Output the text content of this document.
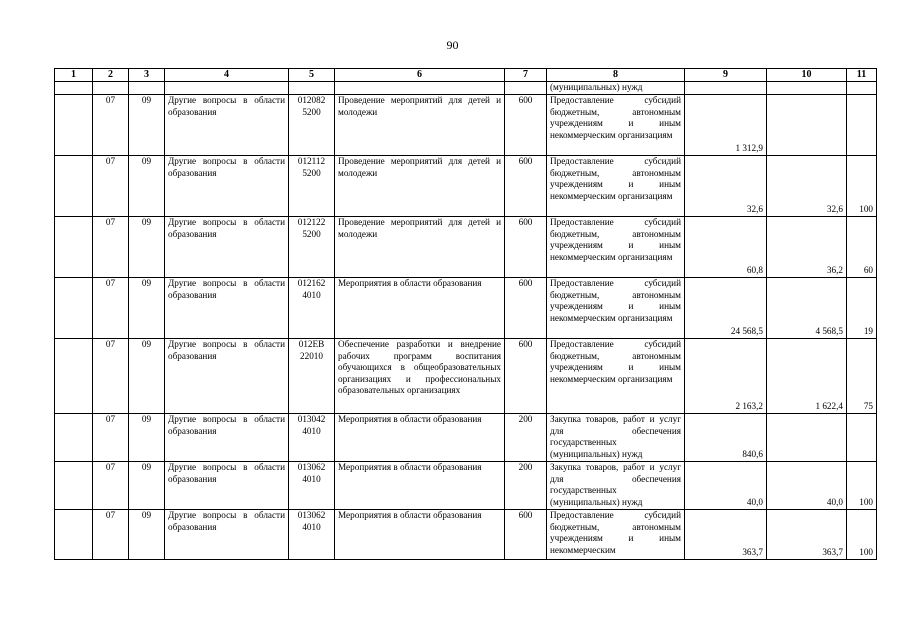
90
1	2	3	4	5	6	7	8	9	10	11
							(муниципальных) нужд			
	07	09	Другие вопросы в области образования	012082 5200	Проведение мероприятий для детей и молодежи	600	Предоставление субсидий бюджетным, автономным учреждениям и иным некоммерческим организациям	1 312,9		
	07	09	Другие вопросы в области образования	012112 5200	Проведение мероприятий для детей и молодежи	600	Предоставление субсидий бюджетным, автономным учреждениям и иным некоммерческим организациям	32,6	32,6	100
	07	09	Другие вопросы в области образования	012122 5200	Проведение мероприятий для детей и молодежи	600	Предоставление субсидий бюджетным, автономным учреждениям и иным некоммерческим организациям	60,8	36,2	60
	07	09	Другие вопросы в области образования	012162 4010	Мероприятия в области образования	600	Предоставление субсидий бюджетным, автономным учреждениям и иным некоммерческим организациям	24 568,5	4 568,5	19
	07	09	Другие вопросы в области образования	012ЕВ 22010	Обеспечение разработки и внедрение рабочих программ воспитания обучающихся в общеобразовательных организациях и профессиональных образовательных организациях	600	Предоставление субсидий бюджетным, автономным учреждениям и иным некоммерческим организациям	2 163,2	1 622,4	75
	07	09	Другие вопросы в области образования	013042 4010	Мероприятия в области образования	200	Закупка товаров, работ и услуг для обеспечения государственных (муниципальных) нужд	840,6		
	07	09	Другие вопросы в области образования	013062 4010	Мероприятия в области образования	200	Закупка товаров, работ и услуг для обеспечения государственных (муниципальных) нужд	40,0	40,0	100
	07	09	Другие вопросы в области образования	013062 4010	Мероприятия в области образования	600	Предоставление субсидий бюджетным, автономным учреждениям и иным некоммерческим	363,7	363,7	100
